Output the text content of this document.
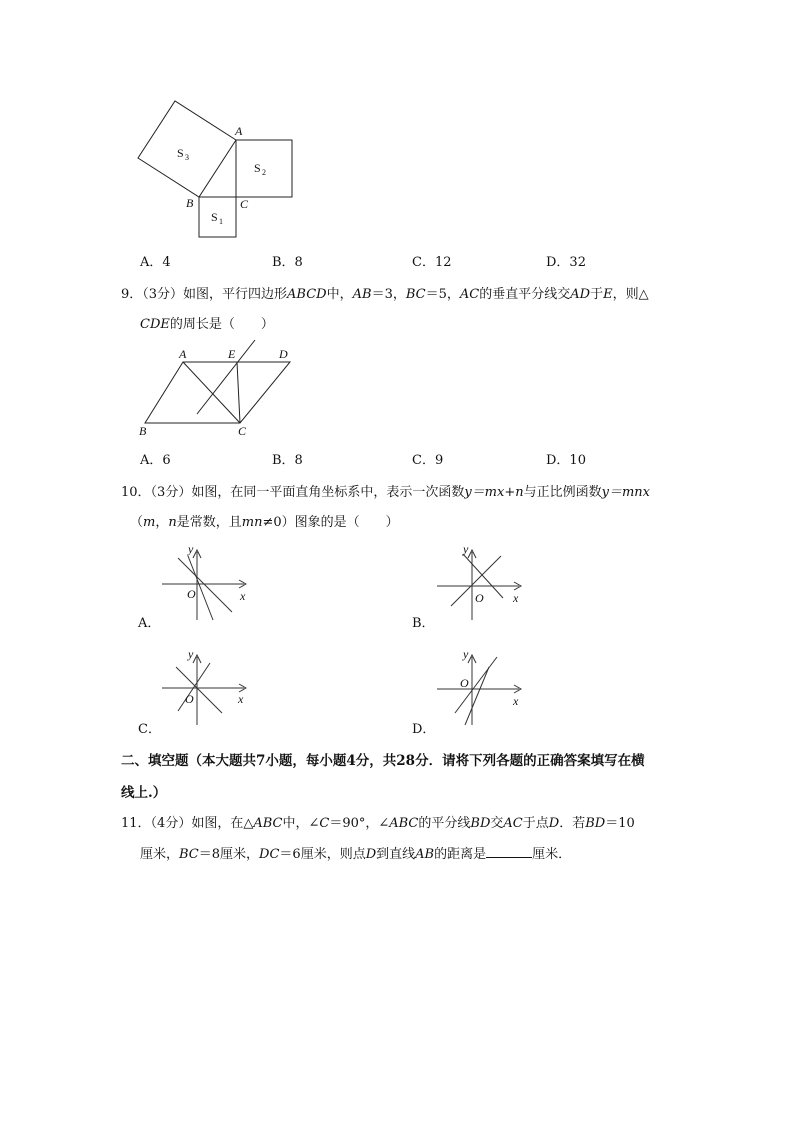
A
B	C
S 3
S 2
S 1
A．4	B．8	C．12	D．32
9．（3分）如图，平行四边形ABCD中，AB＝3，BC＝5，AC的垂直平分线交AD于E，则△
CDE的周长是（　　）
A	E	D
B	C
A．6	B．8	C．9	D．10
10．（3分）如图，在同一平面直角坐标系中，表示一次函数y＝mx+n与正比例函数y＝mnx
（m，n是常数，且mn≠0）图象的是（　　）
y
x
O
A．
y
x
O
B．
y
x
O
C．
y
x
O
D．
二、填空题（本大题共7小题，每小题4分，共28分．请将下列各题的正确答案填写在横
线上.）
11．（4分）如图，在△ABC中，∠C＝90°，∠ABC的平分线BD交AC于点D．若BD＝10
厘米，BC＝8厘米，DC＝6厘米，则点D到直线AB的距离是	厘米．
